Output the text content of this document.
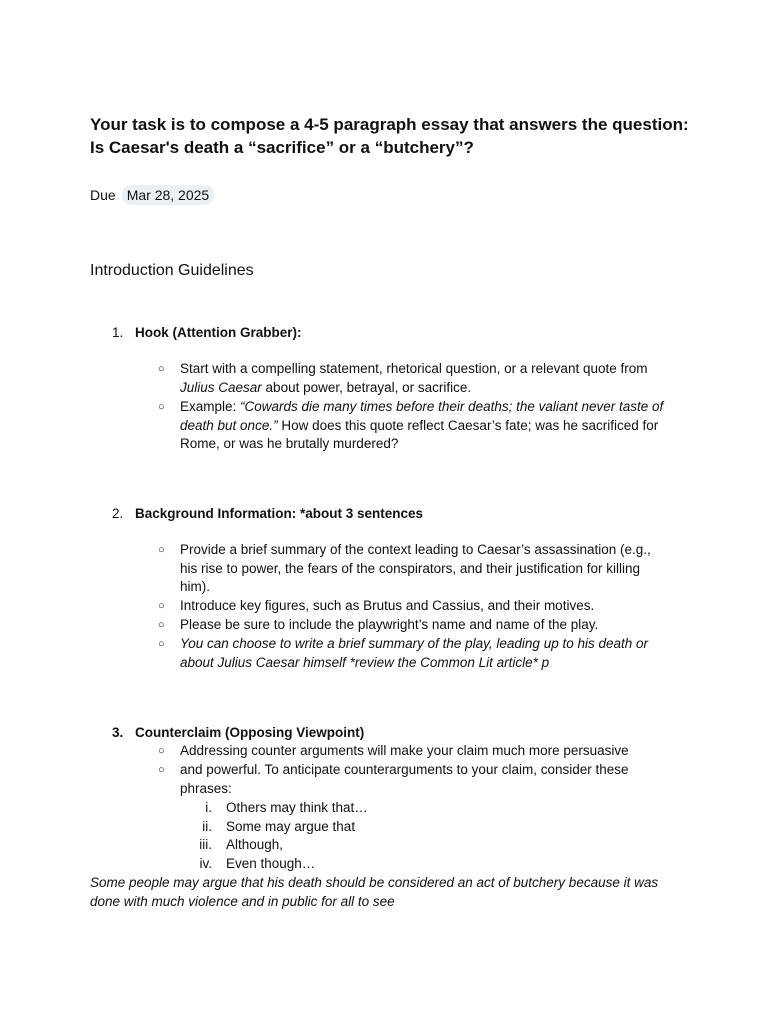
Your task is to compose a 4-5 paragraph essay that answers the question: Is Caesar's death a “sacrifice” or a “butchery”?
Due Mar 28, 2025
Introduction Guidelines
1. Hook (Attention Grabber):
○ Start with a compelling statement, rhetorical question, or a relevant quote from
Julius Caesar about power, betrayal, or sacrifice.
○ Example: “Cowards die many times before their deaths; the valiant never taste of
death but once.” How does this quote reflect Caesar’s fate; was he sacrificed for
Rome, or was he brutally murdered?
2. Background Information: *about 3 sentences
○ Provide a brief summary of the context leading to Caesar’s assassination (e.g.,
his rise to power, the fears of the conspirators, and their justification for killing
him).
○ Introduce key figures, such as Brutus and Cassius, and their motives.
○ Please be sure to include the playwright’s name and name of the play.
○ You can choose to write a brief summary of the play, leading up to his death or
about Julius Caesar himself *review the Common Lit article* p
3. Counterclaim (Opposing Viewpoint)
○ Addressing counter arguments will make your claim much more persuasive
○ and powerful. To anticipate counterarguments to your claim, consider these
phrases:
i. Others may think that…
ii. Some may argue that
iii. Although,
iv. Even though…
Some people may argue that his death should be considered an act of butchery because it was
done with much violence and in public for all to see
